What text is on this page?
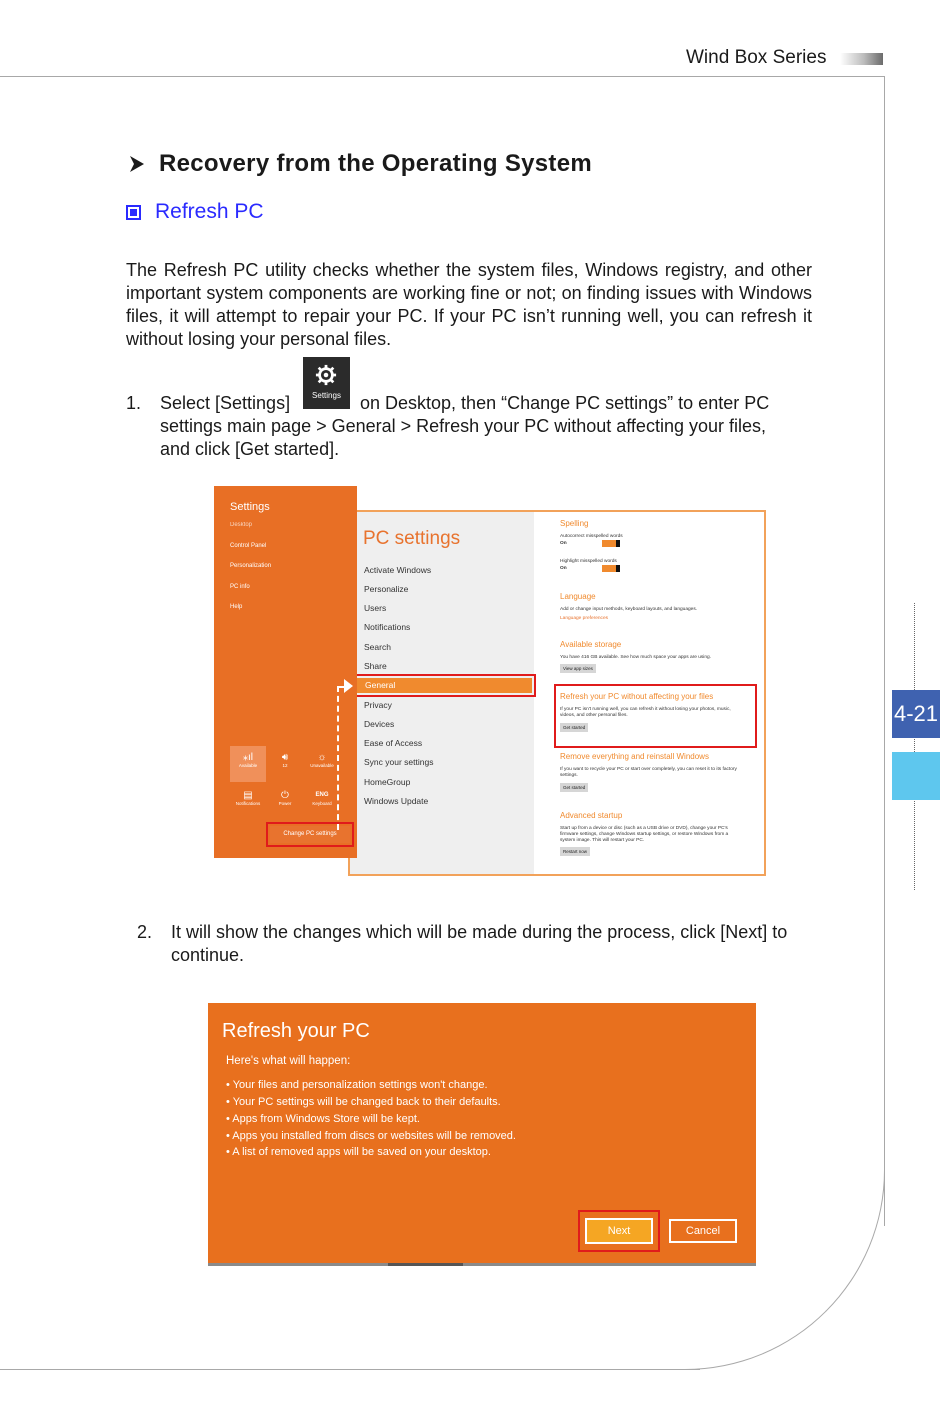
Wind Box Series
4-21
Recovery from the Operating System
Refresh PC
The Refresh PC utility checks whether the system files, Windows registry, and other important system components are working fine or not; on finding issues with Windows files, it will attempt to repair your PC. If your PC isn’t running well, you can refresh it without losing your personal files.
1. Select [Settings]	on Desktop, then “Change PC settings” to enter PC
settings main page > General > Refresh your PC without affecting your files,
and click [Get started].
Settings
PC settings
Activate Windows
Personalize
Users
Notifications
Search
Share
Privacy
Devices
Ease of Access
Sync your settings
HomeGroup
Windows Update
General
Spelling
Autocorrect misspelled words
On
Highlight misspelled words
On
Language
Add or change input methods, keyboard layouts, and languages.
Language preferences
Available storage
You have 416 GB available. See how much space your apps are using.
View app sizes
Refresh your PC without affecting your files
If your PC isn't running well, you can refresh it without losing your photos, music,
videos, and other personal files.
Get started
Remove everything and reinstall Windows
If you want to recycle your PC or start over completely, you can reset it to its factory
settings.
Get started
Advanced startup
Start up from a device or disc (such as a USB drive or DVD), change your PC's
firmware settings, change Windows startup settings, or restore Windows from a
system image. This will restart your PC.
Restart now
Settings
Desktop
Control Panel
Personalization
PC info
Help
⁎ıl
Available
🔊︎
12
☼
Unavailable
▤
Notifications
⏻
Power
ENG
Keyboard
Change PC settings
2. It will show the changes which will be made during the process, click [Next] to
continue.
Refresh your PC
Here's what will happen:
• Your files and personalization settings won't change.
• Your PC settings will be changed back to their defaults.
• Apps from Windows Store will be kept.
• Apps you installed from discs or websites will be removed.
• A list of removed apps will be saved on your desktop.
Next	Cancel
